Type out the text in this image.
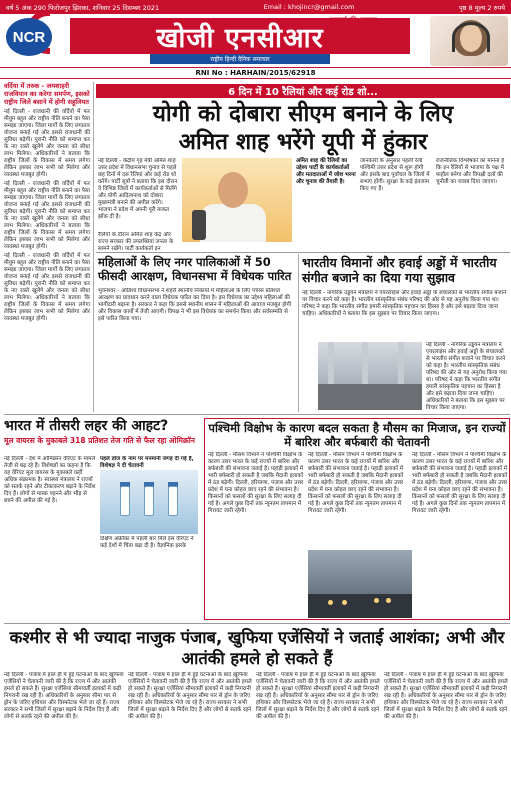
वर्ष 5 अंक 290 फिरोजपुर झिरका, शनिवार 25 दिसम्बर 2021	Email : khojincr@gmail.com	पृष्ठ 8 मूल्य 2 रुपये
NCR	खोजी एनसीआर
सच्चाई की आवाज
राष्ट्रीय हिन्दी दैनिक समाचार
RNI No : HARHAIN/2015/62918
वर्दिया में तरुक - जमशाहरी राजवियान का करेगा समर्पण, इसको राष्ट्रीय जिले बसाने में होगी सहूलियत

नई दिल्ली - राजधानी की वर्दियों में फरमीयुम बहुत और राष्ट्रीय नीति बनाने का पैसा समझा जाएगा। जिला मार्गों के लिए लगातार योजना बनाई गई और इससे राजधानी की सुविधा बढ़ेगी। पुरानी नीति को समाप्त करके नए रास्ते खुलेंगे और जनता को सीधा लाभ मिलेगा। अधिकारियों ने बताया कि राष्ट्रीय जिलों के विकास में समय लगेगा लेकिन इसका लाभ सभी को मिलेगा और व्यवस्था मजबूत होगी।

नई दिल्ली - राजधानी की वर्दियों में फरमीयुम बहुत और राष्ट्रीय नीति बनाने का पैसा समझा जाएगा। जिला मार्गों के लिए लगातार योजना बनाई गई और इससे राजधानी की सुविधा बढ़ेगी। पुरानी नीति को समाप्त करके नए रास्ते खुलेंगे और जनता को सीधा लाभ मिलेगा। अधिकारियों ने बताया कि राष्ट्रीय जिलों के विकास में समय लगेगा लेकिन इसका लाभ सभी को मिलेगा और व्यवस्था मजबूत होगी।

नई दिल्ली - राजधानी की वर्दियों में फरमीयुम बहुत और राष्ट्रीय नीति बनाने का पैसा समझा जाएगा। जिला मार्गों के लिए लगातार योजना बनाई गई और इससे राजधानी की सुविधा बढ़ेगी। पुरानी नीति को समाप्त करके नए रास्ते खुलेंगे और जनता को सीधा लाभ मिलेगा। अधिकारियों ने बताया कि राष्ट्रीय जिलों के विकास में समय लगेगा लेकिन इसका लाभ सभी को मिलेगा और व्यवस्था मजबूत होगी।

6 दिन में 10 रैलियां और कई रोड शो...
योगी को दोबारा सीएम बनाने के लिए
अमित शाह भरेंगे यूपी में हुंकार
नई दिल्ली - केंद्रीय गृह मंत्री अमित शाह उत्तर प्रदेश में विधानसभा चुनाव से पहले छह दिनों में दस रैलियां और कई रोड शो करेंगे। पार्टी सूत्रों ने बताया कि इस दौरान वे विभिन्न जिलों में कार्यकर्ताओं से मिलेंगे और योगी आदित्यनाथ को दोबारा मुख्यमंत्री बनाने की अपील करेंगे। भाजपा ने प्रदेश में अपनी पूरी ताकत झोंक दी है।
अमित शाह की रैलियों का उद्देश्य पार्टी के कार्यकर्ताओं और मतदाताओं में जोश भरना और चुनाव की तैयारी है।
जानकारी के अनुसार पहली रैली पश्चिमी उत्तर प्रदेश से शुरू होगी और इसके बाद पूर्वांचल के जिलों में सभाएं होंगी। सुरक्षा के कड़े इंतजाम किए गए हैं।
राजनीतिक विश्लेषकों का मानना है कि इन रैलियों से भाजपा के पक्ष में माहौल बनेगा और विपक्षी दलों की चुनौती का जवाब दिया जाएगा।
रैलियों के दौरान अमित शाह केंद्र और राज्य सरकार की उपलब्धियां जनता के सामने रखेंगे। पार्टी कार्यकर्ता इन
महिलाओं के लिए नगर पालिकाओं में 50 फीसदी आरक्षण, विधानसभा में विधेयक पारित
भुवनेश्वर - ओडिशा विधानसभा ने शहरी स्थानीय निकायों में महिलाओं के लिए पचास प्रतिशत आरक्षण का प्रावधान करने वाला विधेयक पारित कर दिया है। इस विधेयक का उद्देश्य महिलाओं की भागीदारी बढ़ाना है। सरकार ने कहा कि इससे स्थानीय शासन में महिलाओं की आवाज मजबूत होगी और विकास कार्यों में तेजी आएगी। विपक्ष ने भी इस विधेयक का समर्थन किया और सर्वसम्मति से इसे पारित किया गया।
भारतीय विमानों और हवाई अड्डों में भारतीय संगीत बजाने का दिया गया सुझाव
नई दिल्ली - नागरिक उड्डयन मंत्रालय ने एयरलाइंस और हवाई अड्डों के संचालकों से भारतीय संगीत बजाने पर विचार करने को कहा है। भारतीय सांस्कृतिक संबंध परिषद की ओर से यह अनुरोध किया गया था। परिषद ने कहा कि भारतीय संगीत हमारी सांस्कृतिक पहचान का हिस्सा है और इसे बढ़ावा दिया जाना चाहिए। अधिकारियों ने बताया कि इस सुझाव पर विचार किया जाएगा।
नई दिल्ली - नागरिक उड्डयन मंत्रालय ने एयरलाइंस और हवाई अड्डों के संचालकों से भारतीय संगीत बजाने पर विचार करने को कहा है। भारतीय सांस्कृतिक संबंध परिषद की ओर से यह अनुरोध किया गया था। परिषद ने कहा कि भारतीय संगीत हमारी सांस्कृतिक पहचान का हिस्सा है और इसे बढ़ावा दिया जाना चाहिए। अधिकारियों ने बताया कि इस सुझाव पर विचार किया जाएगा।
भारत में तीसरी लहर की आहट?
मूल वायरस के मुकाबले 318 प्रतिशत तेज गति से फैल रहा ओमिक्रॉन
नई दिल्ली - देश में ओमिक्रॉन वेरिएंट के मामले तेजी से बढ़ रहे हैं। विशेषज्ञों का कहना है कि यह वेरिएंट मूल वायरस के मुकाबले कहीं अधिक संक्रामक है। स्वास्थ्य मंत्रालय ने राज्यों को सतर्क रहने और टीकाकरण बढ़ाने के निर्देश दिए हैं। लोगों से मास्क पहनने और भीड़ से बचने की अपील की गई है।
पहले डोज के नाम पर मनमानी जगह दी गई है, विशेषज्ञ ने दी चेतावनी
दक्षिण अफ्रीका में पहली बार मिले इस वेरिएंट ने कई देशों में चिंता बढ़ा दी है। वैज्ञानिक इसके
पश्चिमी विक्षोभ के कारण बदल सकता है मौसम का मिजाज, इन राज्यों में बारिश और बर्फबारी की चेतावनी
नई दिल्ली - मौसम विभाग ने पश्चिमी विक्षोभ के कारण उत्तर भारत के कई राज्यों में बारिश और बर्फबारी की संभावना जताई है। पहाड़ी इलाकों में भारी बर्फबारी हो सकती है जबकि मैदानी इलाकों में ठंड बढ़ेगी। दिल्ली, हरियाणा, पंजाब और उत्तर प्रदेश में घना कोहरा छाए रहने की संभावना है। किसानों को फसलों की सुरक्षा के लिए सलाह दी गई है। अगले कुछ दिनों तक न्यूनतम तापमान में गिरावट जारी रहेगी।
नई दिल्ली - मौसम विभाग ने पश्चिमी विक्षोभ के कारण उत्तर भारत के कई राज्यों में बारिश और बर्फबारी की संभावना जताई है। पहाड़ी इलाकों में भारी बर्फबारी हो सकती है जबकि मैदानी इलाकों में ठंड बढ़ेगी। दिल्ली, हरियाणा, पंजाब और उत्तर प्रदेश में घना कोहरा छाए रहने की संभावना है। किसानों को फसलों की सुरक्षा के लिए सलाह दी गई है। अगले कुछ दिनों तक न्यूनतम तापमान में गिरावट जारी रहेगी।
नई दिल्ली - मौसम विभाग ने पश्चिमी विक्षोभ के कारण उत्तर भारत के कई राज्यों में बारिश और बर्फबारी की संभावना जताई है। पहाड़ी इलाकों में भारी बर्फबारी हो सकती है जबकि मैदानी इलाकों में ठंड बढ़ेगी। दिल्ली, हरियाणा, पंजाब और उत्तर प्रदेश में घना कोहरा छाए रहने की संभावना है। किसानों को फसलों की सुरक्षा के लिए सलाह दी गई है। अगले कुछ दिनों तक न्यूनतम तापमान में गिरावट जारी रहेगी।
कश्मीर से भी ज्यादा नाजुक पंजाब, खुफिया एजेंसियों ने जताई आशंका; अभी और आतंकी हमले हो सकते हैं
नई दिल्ली - पंजाब में हाल ही में हुई घटनाओं के बाद खुफिया एजेंसियों ने चेतावनी जारी की है कि राज्य में और आतंकी हमले हो सकते हैं। सुरक्षा एजेंसियां सीमावर्ती इलाकों में कड़ी निगरानी रख रही हैं। अधिकारियों के अनुसार सीमा पार से ड्रोन के जरिए हथियार और विस्फोटक भेजे जा रहे हैं। राज्य सरकार ने सभी जिलों में सुरक्षा बढ़ाने के निर्देश दिए हैं और लोगों से सतर्क रहने की अपील की है।
नई दिल्ली - पंजाब में हाल ही में हुई घटनाओं के बाद खुफिया एजेंसियों ने चेतावनी जारी की है कि राज्य में और आतंकी हमले हो सकते हैं। सुरक्षा एजेंसियां सीमावर्ती इलाकों में कड़ी निगरानी रख रही हैं। अधिकारियों के अनुसार सीमा पार से ड्रोन के जरिए हथियार और विस्फोटक भेजे जा रहे हैं। राज्य सरकार ने सभी जिलों में सुरक्षा बढ़ाने के निर्देश दिए हैं और लोगों से सतर्क रहने की अपील की है।
नई दिल्ली - पंजाब में हाल ही में हुई घटनाओं के बाद खुफिया एजेंसियों ने चेतावनी जारी की है कि राज्य में और आतंकी हमले हो सकते हैं। सुरक्षा एजेंसियां सीमावर्ती इलाकों में कड़ी निगरानी रख रही हैं। अधिकारियों के अनुसार सीमा पार से ड्रोन के जरिए हथियार और विस्फोटक भेजे जा रहे हैं। राज्य सरकार ने सभी जिलों में सुरक्षा बढ़ाने के निर्देश दिए हैं और लोगों से सतर्क रहने की अपील की है।
नई दिल्ली - पंजाब में हाल ही में हुई घटनाओं के बाद खुफिया एजेंसियों ने चेतावनी जारी की है कि राज्य में और आतंकी हमले हो सकते हैं। सुरक्षा एजेंसियां सीमावर्ती इलाकों में कड़ी निगरानी रख रही हैं। अधिकारियों के अनुसार सीमा पार से ड्रोन के जरिए हथियार और विस्फोटक भेजे जा रहे हैं। राज्य सरकार ने सभी जिलों में सुरक्षा बढ़ाने के निर्देश दिए हैं और लोगों से सतर्क रहने की अपील की है।
